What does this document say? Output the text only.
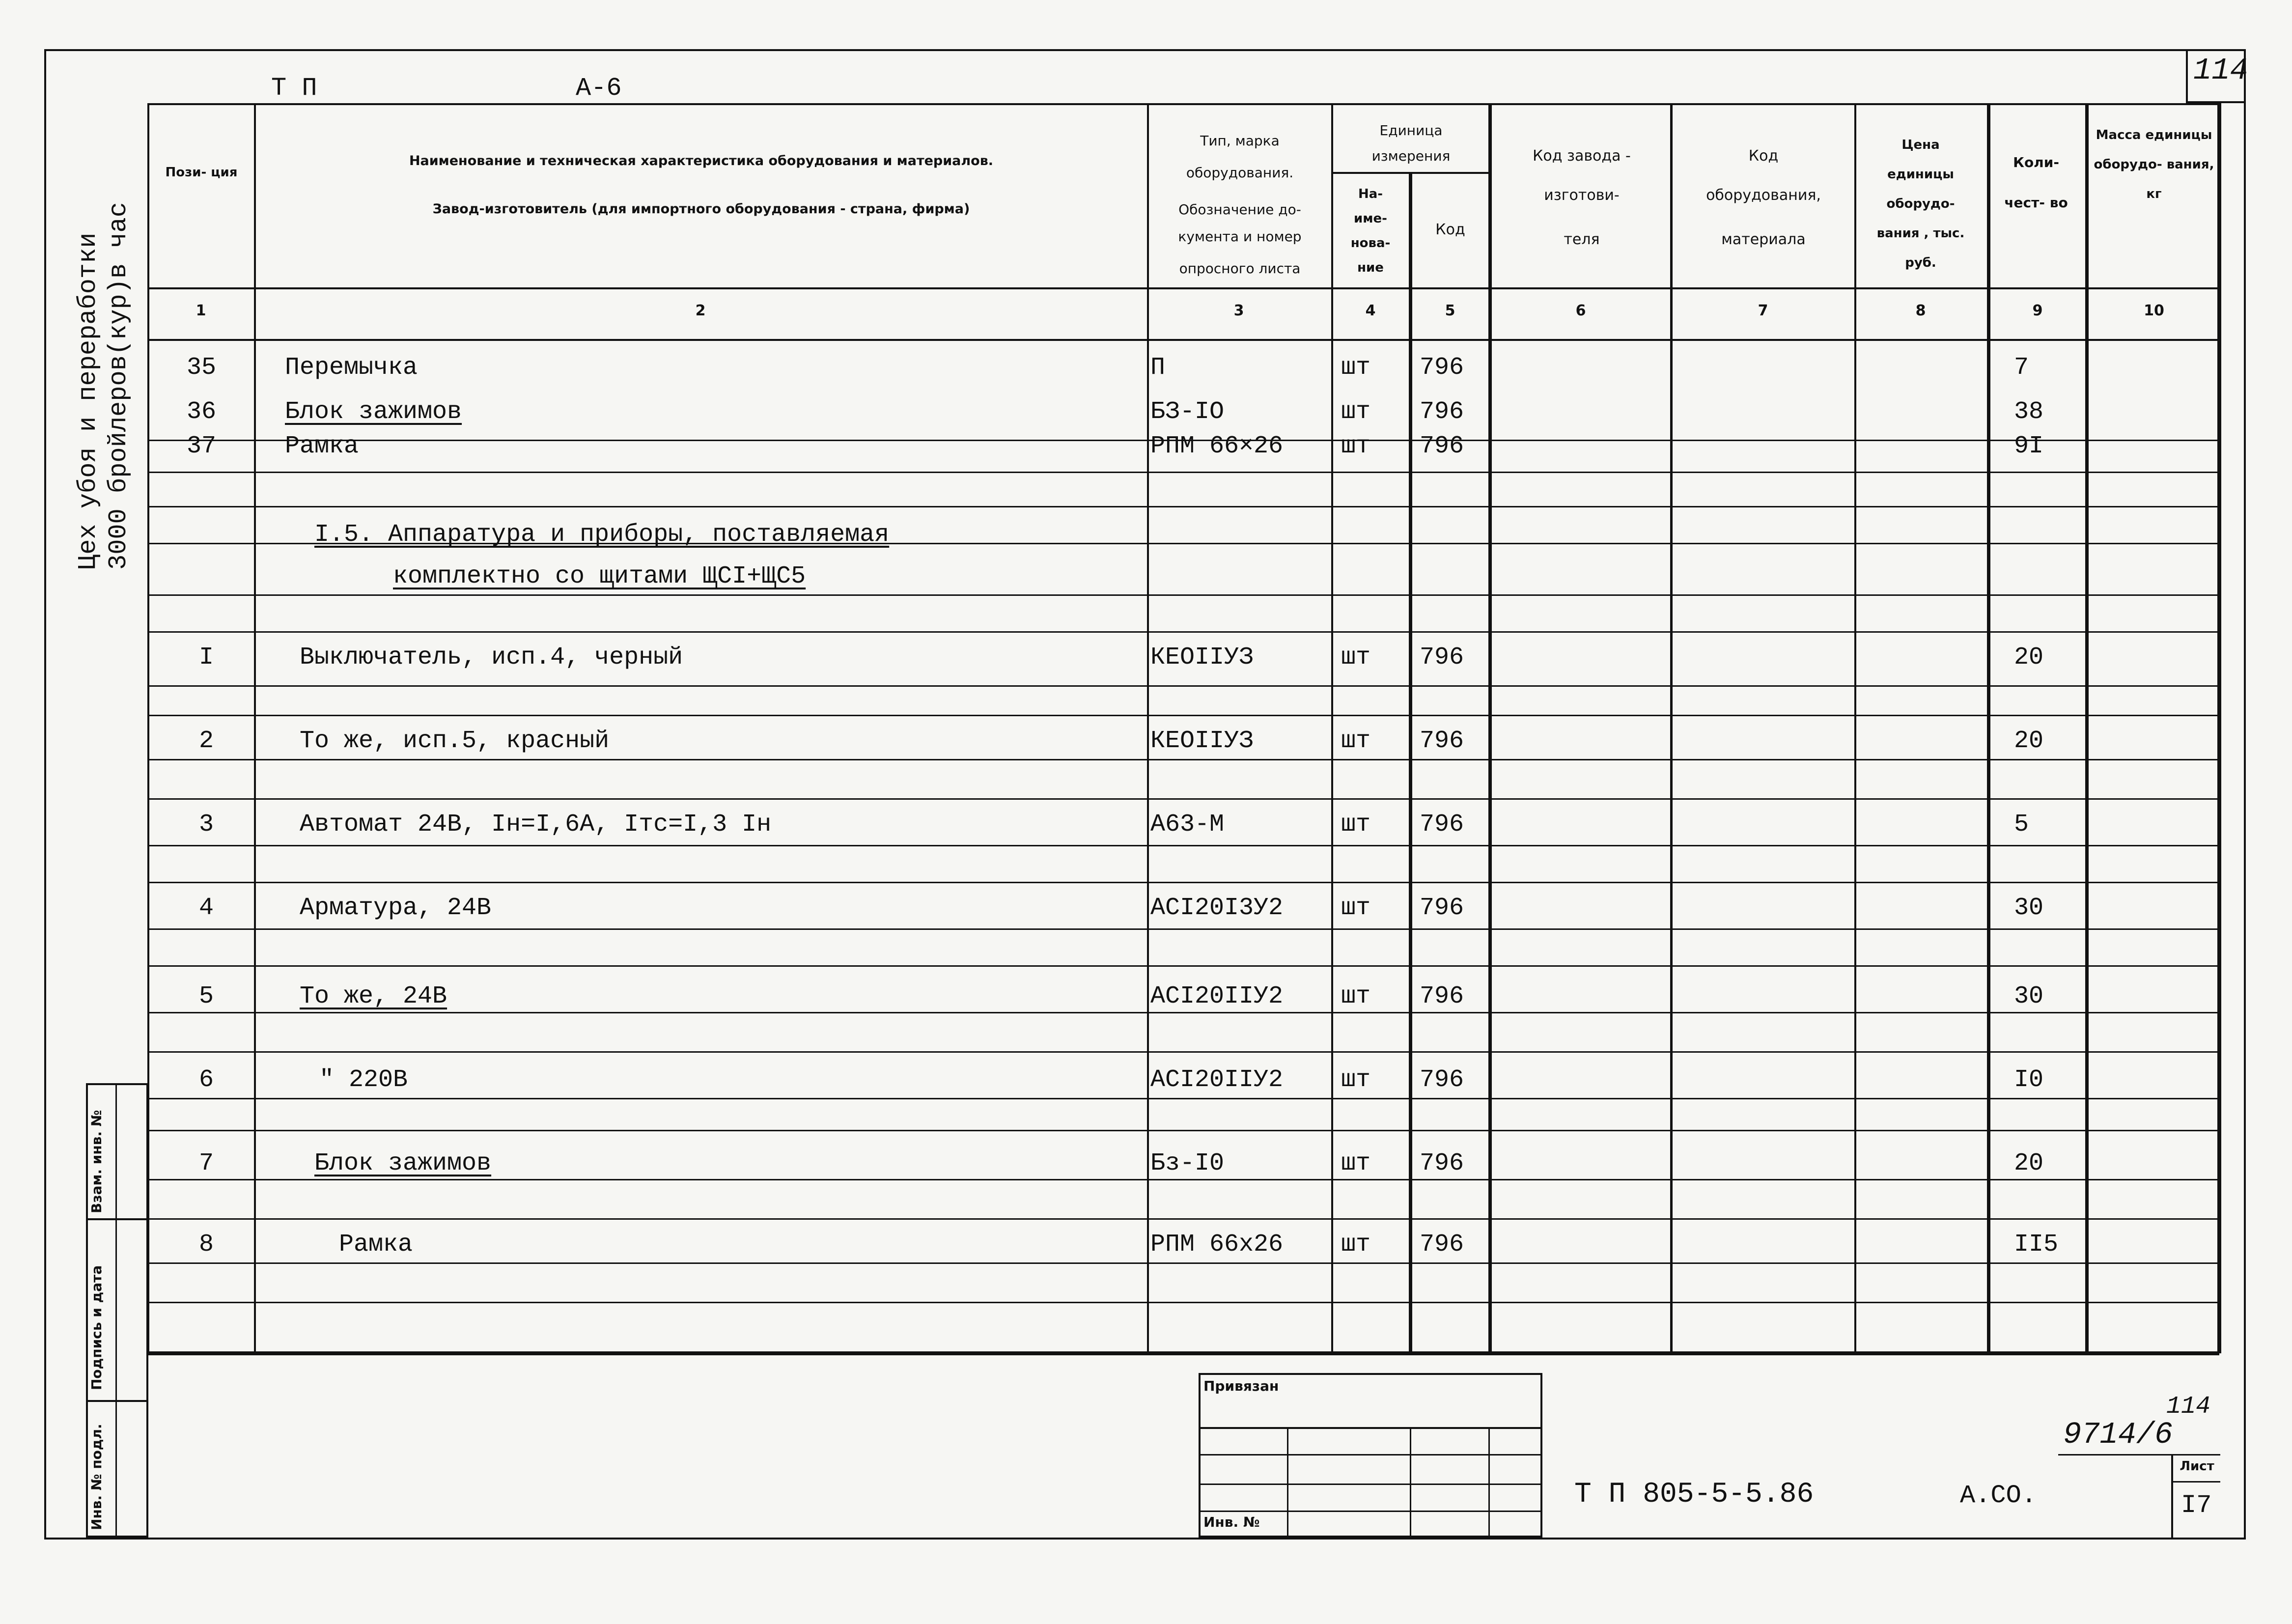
Т П	А-6
114
Цех убоя и переработки 3000 бройлеров(кур)в час
Взам. инв. №
Подпись и дата
Инв. № подл.
Пози- ция
Наименование и техническая характеристика оборудования и материалов.
Завод-изготовитель (для импортного оборудования - страна, фирма)
Тип, марка
оборудования.
Обозначение до-
кумента и номер
опросного листа
Единица измерения
На- име- нова- ние
Код
Код завода -
изготови-
теля
Код
оборудования,
материала
Цена единицы оборудо- вания , тыс. руб.
Коли- чест- во
Масса единицы оборудо- вания, кг
1	2	3	4	5	6	7	8	9	10
35	Перемычка	П	шт 796	7
36	Блок зажимов	БЗ-IО	шт 796	38
37	Рамка	РПМ 66×26 шт 796	9I
I.5. Аппаратура и приборы, поставляемая
комплектно со щитами ЩСI+ЩС5
I	Выключатель, исп.4, черный	КЕОIIУЗ	шт 796	20
2	То же, исп.5, красный	КЕОIIУЗ	шт 796	20
3	Автомат 24В, Iн=I,6А, Iтс=I,3 Iн	А63-М	шт 796	5
4	Арматура, 24В	АСI20I3У2 шт 796	30
5	То же, 24В	АСI20IIУ2 шт 796	30
6	" 220В	АСI20IIУ2 шт 796	I0
7	Блок зажимов	Бз-I0	шт 796	20
8	Рамка	РПМ 66х26 шт 796	II5
Привязан
Инв. №
Т П 805-5-5.86	А.СО.
9714/6
114
Лист
I7
